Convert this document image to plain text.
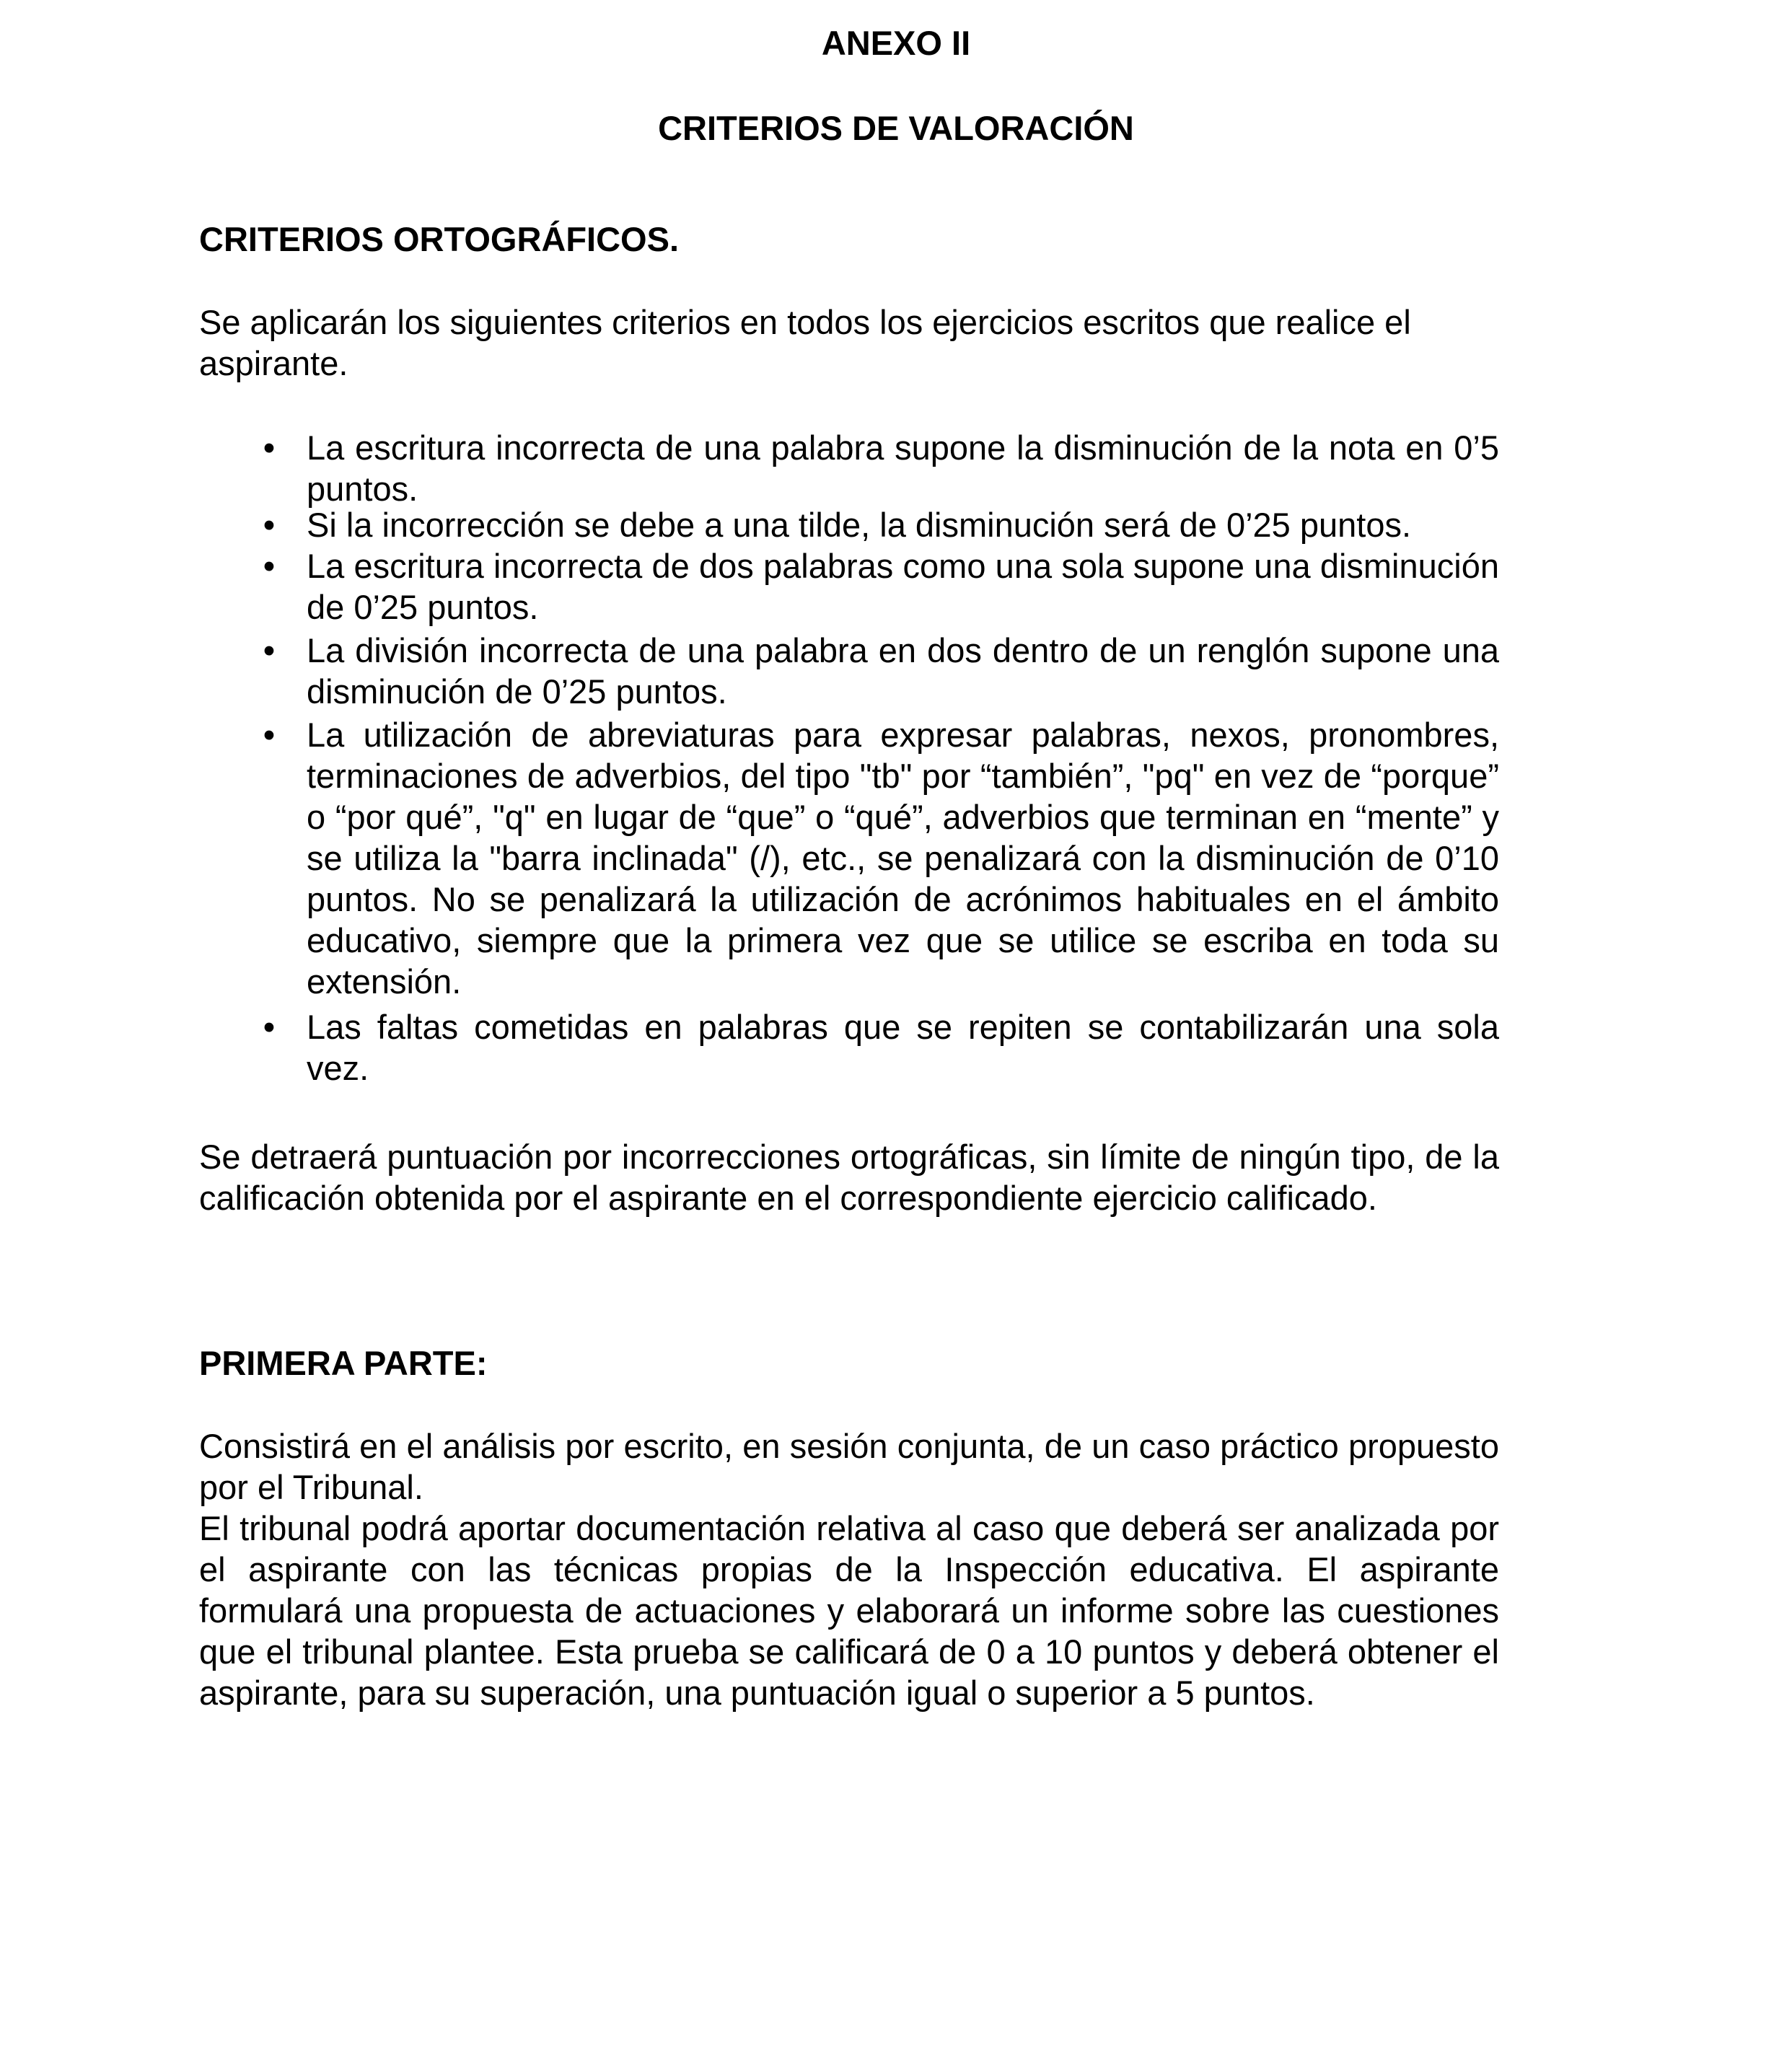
ANEXO II
CRITERIOS DE VALORACIÓN
CRITERIOS ORTOGRÁFICOS.

Se aplicarán los siguientes criterios en todos los ejercicios escritos que realice el aspirante.

• La escritura incorrecta de una palabra supone la disminución de la nota en 0’5 puntos.
• Si la incorrección se debe a una tilde, la disminución será de 0’25 puntos.
• La escritura incorrecta de dos palabras como una sola supone una disminución de 0’25 puntos.
• La división incorrecta de una palabra en dos dentro de un renglón supone una disminución de 0’25 puntos.
• La utilización de abreviaturas para expresar palabras, nexos, pronombres, terminaciones de adverbios, del tipo "tb" por “también”, "pq" en vez de “porque” o “por qué”, "q" en lugar de “que” o “qué”, adverbios que terminan en “mente” y se utiliza la "barra inclinada" (/), etc., se penalizará con la disminución de 0’10 puntos. No se penalizará la utilización de acrónimos habituales en el ámbito educativo, siempre que la primera vez que se utilice se escriba en toda su extensión.
• Las faltas cometidas en palabras que se repiten se contabilizarán una sola vez.

Se detraerá puntuación por incorrecciones ortográficas, sin límite de ningún tipo, de la calificación obtenida por el aspirante en el correspondiente ejercicio calificado.

PRIMERA PARTE:

Consistirá en el análisis por escrito, en sesión conjunta, de un caso práctico propuesto por el Tribunal.

El tribunal podrá aportar documentación relativa al caso que deberá ser analizada por el aspirante con las técnicas propias de la Inspección educativa. El aspirante formulará una propuesta de actuaciones y elaborará un informe sobre las cuestiones que el tribunal plantee. Esta prueba se calificará de 0 a 10 puntos y deberá obtener el aspirante, para su superación, una puntuación igual o superior a 5 puntos.
